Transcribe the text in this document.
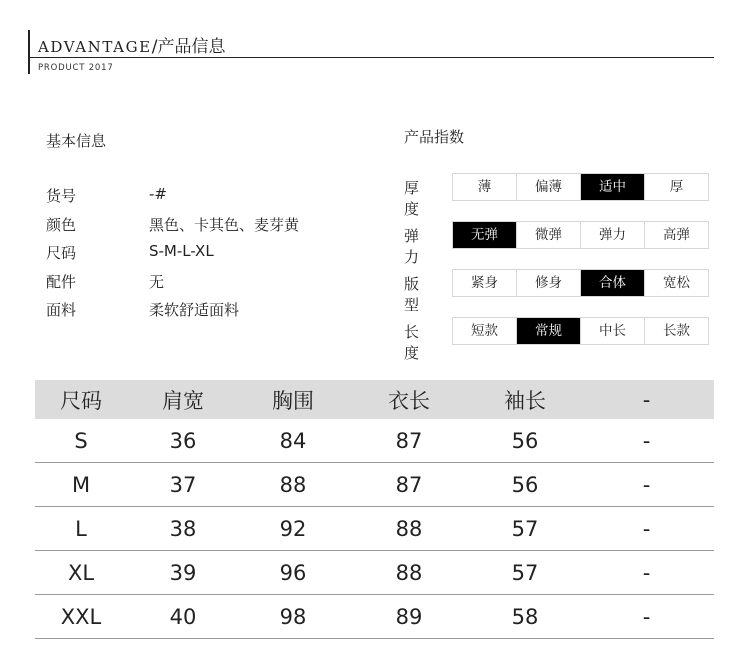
ADVANTAGE/产品信息
PRODUCT 2017
基本信息
货号	-#
颜色	黑色、卡其色、麦芽黄
尺码	S-M-L-XL
配件	无
面料	柔软舒适面料
产品指数
厚度
薄	偏薄	适中	厚
弹力
无弹	微弹	弹力	高弹
版型
紧身	修身	合体	宽松
长度
短款	常规	中长	长款
尺码	肩宽	胸围	衣长	袖长	-
S	36	84	87	56	-
M	37	88	87	56	-
L	38	92	88	57	-
XL	39	96	88	57	-
XXL	40	98	89	58	-
